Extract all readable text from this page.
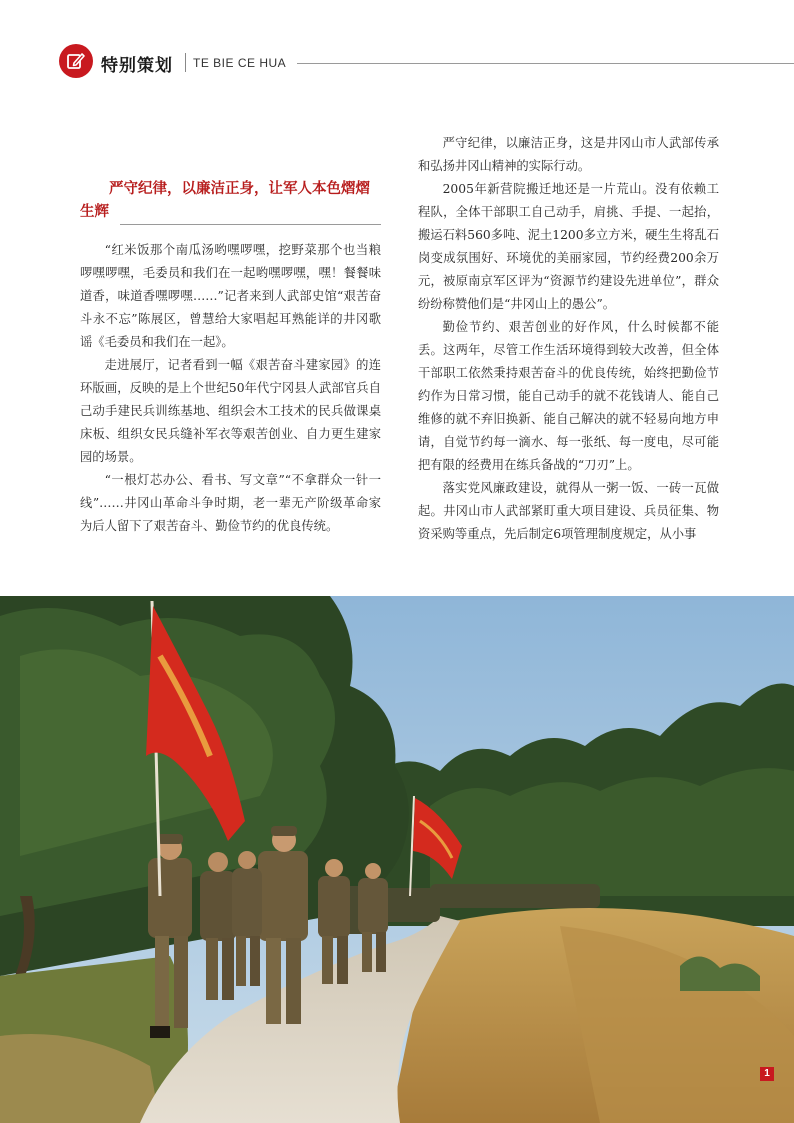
特别策划 TE BIE CE HUA
严守纪律，以廉洁正身，让军人本色熠熠生辉

“红米饭那个南瓜汤哟嘿啰嘿，挖野菜那个也当粮啰嘿啰嘿，毛委员和我们在一起哟嘿啰嘿，嘿！餐餐味道香，味道香嘿啰嘿……”记者来到人武部史馆“艰苦奋斗永不忘”陈展区，曾慧给大家唱起耳熟能详的井冈歌谣《毛委员和我们在一起》。

走进展厅，记者看到一幅《艰苦奋斗建家园》的连环版画，反映的是上个世纪50年代宁冈县人武部官兵自己动手建民兵训练基地、组织会木工技术的民兵做课桌床板、组织女民兵缝补军衣等艰苦创业、自力更生建家园的场景。

“一根灯芯办公、看书、写文章”“不拿群众一针一线”……井冈山革命斗争时期，老一辈无产阶级革命家为后人留下了艰苦奋斗、勤俭节约的优良传统。

严守纪律，以廉洁正身，这是井冈山市人武部传承和弘扬井冈山精神的实际行动。

2005年新营院搬迁地还是一片荒山。没有依赖工程队，全体干部职工自己动手，肩挑、手提、一起抬，搬运石料560多吨、泥土1200多立方米，硬生生将乱石岗变成氛围好、环境优的美丽家园，节约经费200余万元，被原南京军区评为“资源节约建设先进单位”，群众纷纷称赞他们是“井冈山上的愚公”。

勤俭节约、艰苦创业的好作风，什么时候都不能丢。这两年，尽管工作生活环境得到较大改善，但全体干部职工依然秉持艰苦奋斗的优良传统，始终把勤俭节约作为日常习惯，能自己动手的就不花钱请人、能自己维修的就不弃旧换新、能自己解决的就不轻易向地方申请，自觉节约每一滴水、每一张纸、每一度电，尽可能把有限的经费用在练兵备战的“刀刃”上。

落实党风廉政建设，就得从一粥一饭、一砖一瓦做起。井冈山市人武部紧盯重大项目建设、兵员征集、物资采购等重点，先后制定6项管理制度规定，从小事

1
